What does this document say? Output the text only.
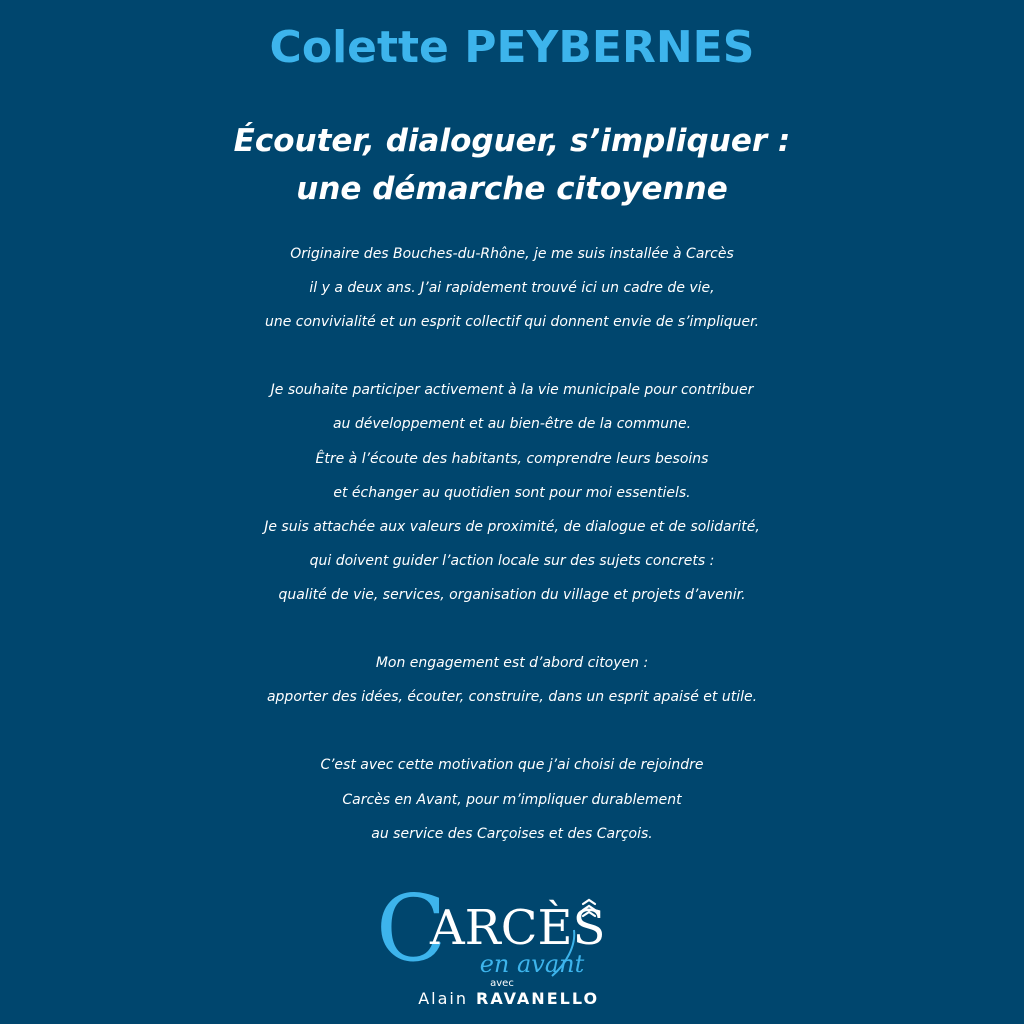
Colette PEYBERNES
Écouter, dialoguer, s’impliquer :
une démarche citoyenne
Originaire des Bouches-du-Rhône, je me suis installée à Carcès
il y a deux ans. J’ai rapidement trouvé ici un cadre de vie,
une convivialité et un esprit collectif qui donnent envie de s’impliquer.
Je souhaite participer activement à la vie municipale pour contribuer
au développement et au bien-être de la commune.
Être à l’écoute des habitants, comprendre leurs besoins
et échanger au quotidien sont pour moi essentiels.
Je suis attachée aux valeurs de proximité, de dialogue et de solidarité,
qui doivent guider l’action locale sur des sujets concrets :
qualité de vie, services, organisation du village et projets d’avenir.
Mon engagement est d’abord citoyen :
apporter des idées, écouter, construire, dans un esprit apaisé et utile.
C’est avec cette motivation que j’ai choisi de rejoindre
Carcès en Avant, pour m’impliquer durablement
au service des Carçoises et des Carçois.
C
ARCÈS
en avant
avec
Alain RAVANELLO
